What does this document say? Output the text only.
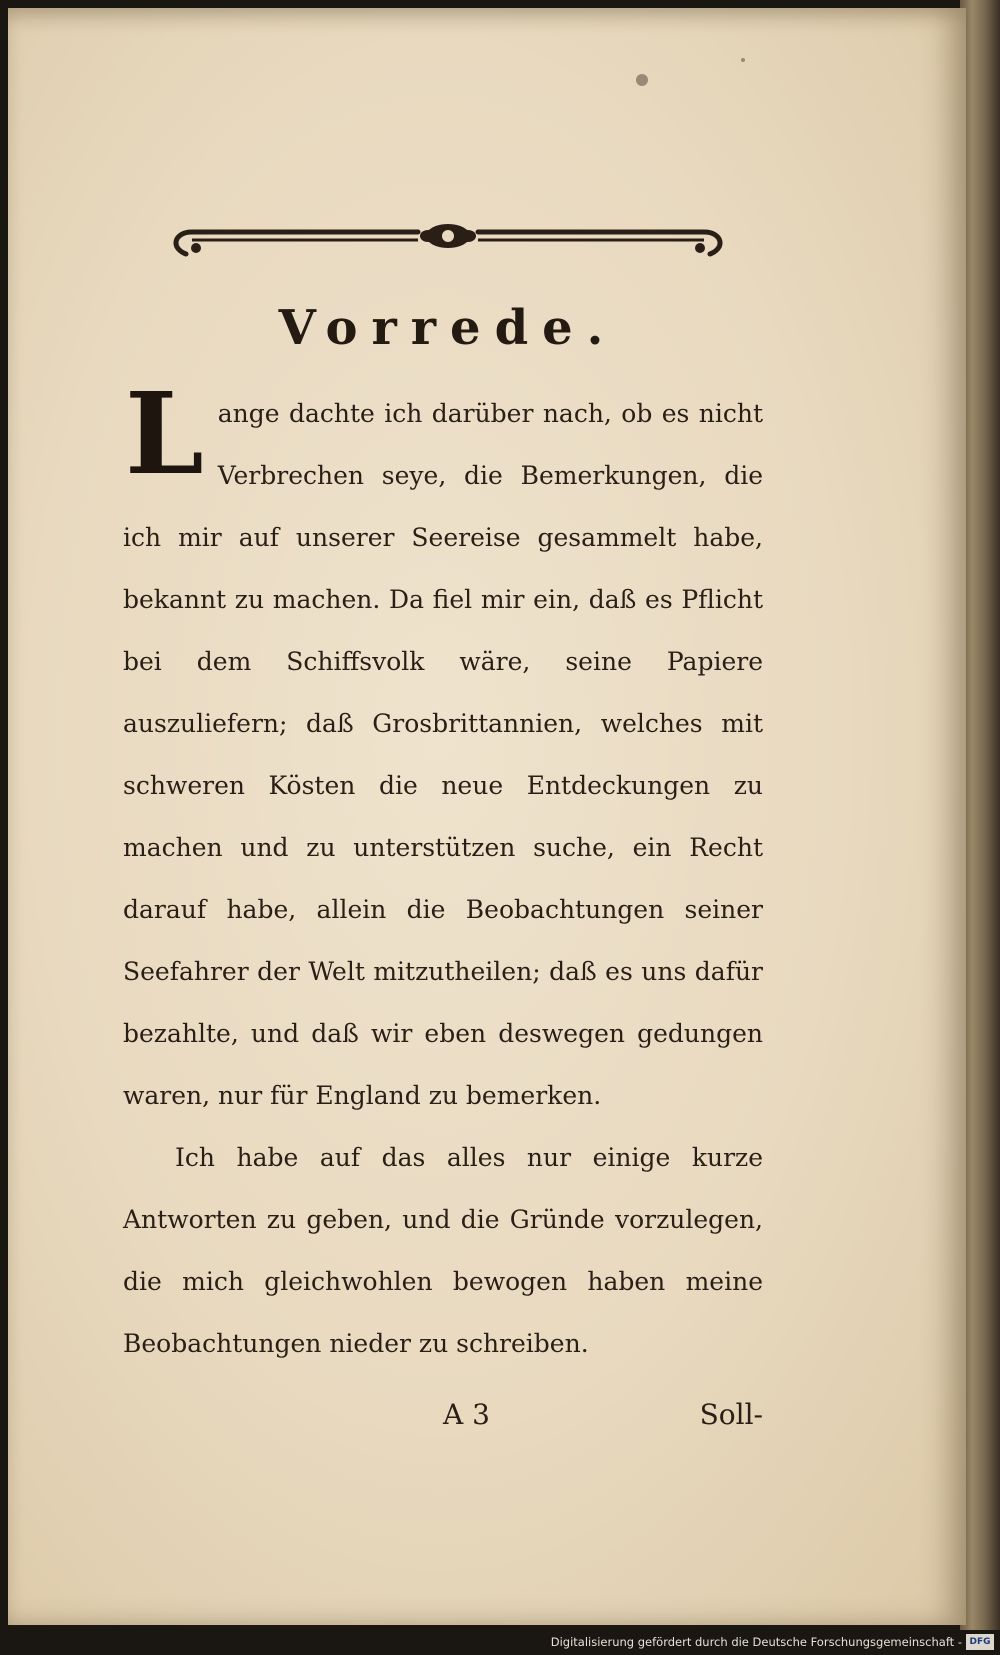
Vorrede.

Lange dachte ich darüber nach, ob es nicht Verbrechen seye, die Bemerkungen, die ich mir auf unserer Seereise gesammelt habe, bekannt zu machen. Da fiel mir ein, daß es Pflicht bei dem Schiffsvolk wäre, seine Papiere auszuliefern; daß Grosbrittannien, welches mit schweren Kösten die neue Entdeckungen zu machen und zu unterstützen suche, ein Recht darauf habe, allein die Beobachtungen seiner Seefahrer der Welt mitzutheilen; daß es uns dafür bezahlte, und daß wir eben deswegen gedungen waren, nur für England zu bemerken.

Ich habe auf das alles nur einige kurze Antworten zu geben, und die Gründe vorzulegen, die mich gleichwohlen bewogen haben meine Beobachtungen nieder zu schreiben.

A 3	Soll-
Digitalisierung gefördert durch die Deutsche Forschungsgemeinschaft - DFG
